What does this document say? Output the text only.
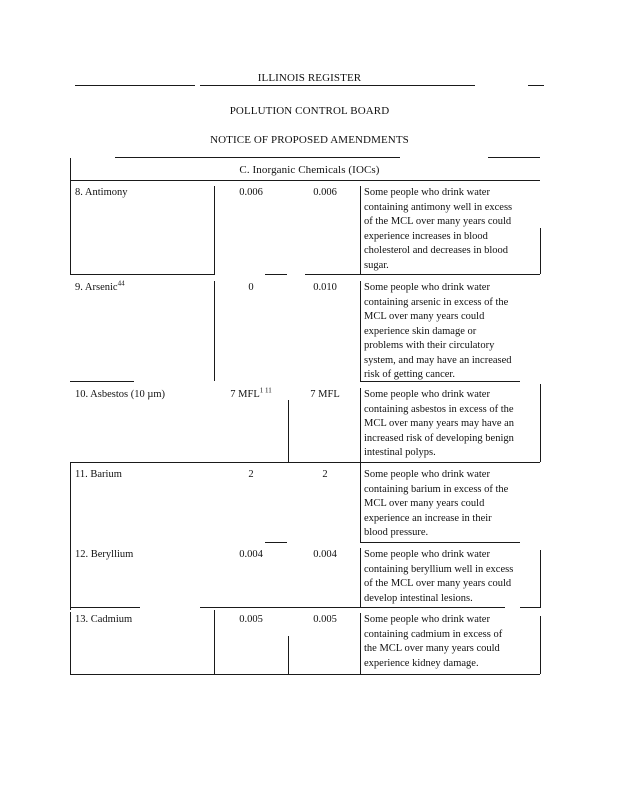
ILLINOIS REGISTER
POLLUTION CONTROL BOARD
NOTICE OF PROPOSED AMENDMENTS
C. Inorganic Chemicals (IOCs)
8. Antimony	0.006	0.006	Some people who drink water
containing antimony well in excess
of the MCL over many years could
experience increases in blood
cholesterol and decreases in blood
sugar.
9. Arsenic$^{44}$	0	0.010	Some people who drink water
containing arsenic in excess of the
MCL over many years could
experience skin damage or
problems with their circulatory
system, and may have an increased
risk of getting cancer.
10. Asbestos (10 µm)	7 $MFL^{1 11}$	7 MFL	Some people who drink water
containing asbestos in excess of the
MCL over many years may have an
increased risk of developing benign
intestinal polyps.
11. Barium	2	2	Some people who drink water
containing barium in excess of the
MCL over many years could
experience an increase in their
blood pressure.
12. Beryllium	0.004	0.004	Some people who drink water
containing beryllium well in excess
of the MCL over many years could
develop intestinal lesions.
13. Cadmium	0.005	0.005	Some people who drink water
containing cadmium in excess of
the MCL over many years could
experience kidney damage.
